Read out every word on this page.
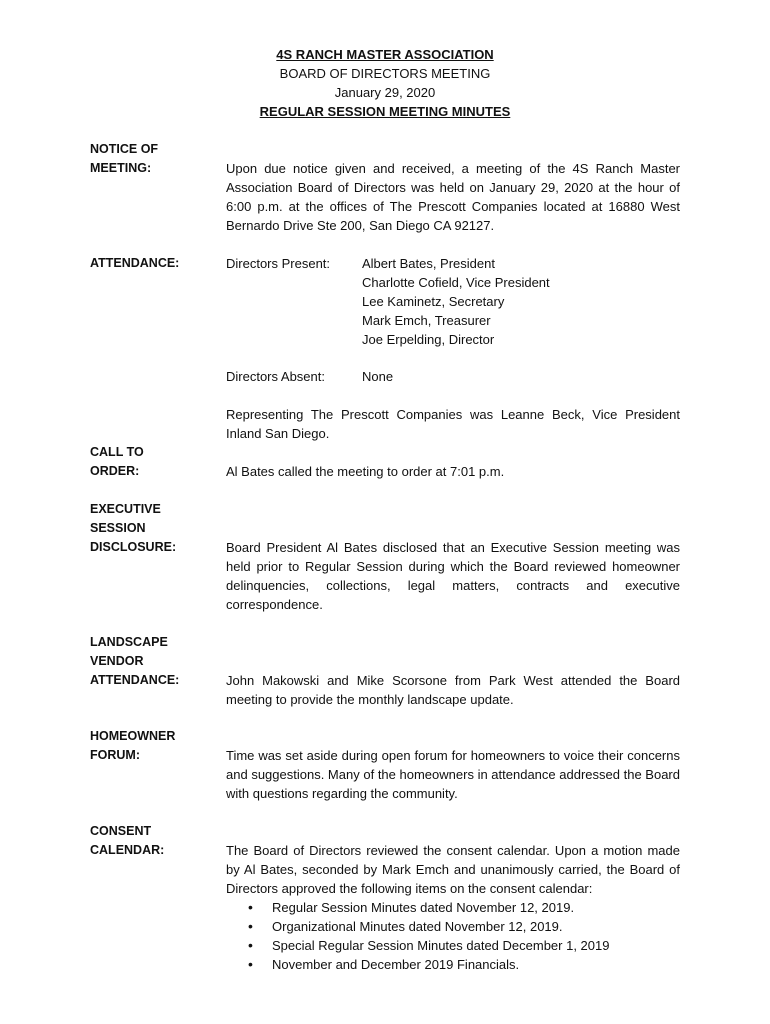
4S RANCH MASTER ASSOCIATION
BOARD OF DIRECTORS MEETING
January 29, 2020
REGULAR SESSION MEETING MINUTES
NOTICE OF
MEETING:	Upon due notice given and received, a meeting of the 4S Ranch Master Association Board of Directors was held on January 29, 2020 at the hour of 6:00 p.m. at the offices of The Prescott Companies located at 16880 West Bernardo Drive Ste 200, San Diego CA 92127.
ATTENDANCE:	Directors Present: Albert Bates, President
Charlotte Cofield, Vice President
Lee Kaminetz, Secretary
Mark Emch, Treasurer
Joe Erpelding, Director
Directors Absent:	None
Representing The Prescott Companies was Leanne Beck, Vice President Inland San Diego.
CALL TO
ORDER:	Al Bates called the meeting to order at 7:01 p.m.
EXECUTIVE
SESSION
DISCLOSURE:	Board President Al Bates disclosed that an Executive Session meeting was held prior to Regular Session during which the Board reviewed homeowner delinquencies, collections, legal matters, contracts and executive correspondence.
LANDSCAPE
VENDOR
ATTENDANCE:	John Makowski and Mike Scorsone from Park West attended the Board meeting to provide the monthly landscape update.
HOMEOWNER
FORUM:	Time was set aside during open forum for homeowners to voice their concerns and suggestions. Many of the homeowners in attendance addressed the Board with questions regarding the community.
CONSENT
CALENDAR:	The Board of Directors reviewed the consent calendar. Upon a motion made by Al Bates, seconded by Mark Emch and unanimously carried, the Board of Directors approved the following items on the consent calendar:
• Regular Session Minutes dated November 12, 2019.
• Organizational Minutes dated November 12, 2019.
• Special Regular Session Minutes dated December 1, 2019
• November and December 2019 Financials.
